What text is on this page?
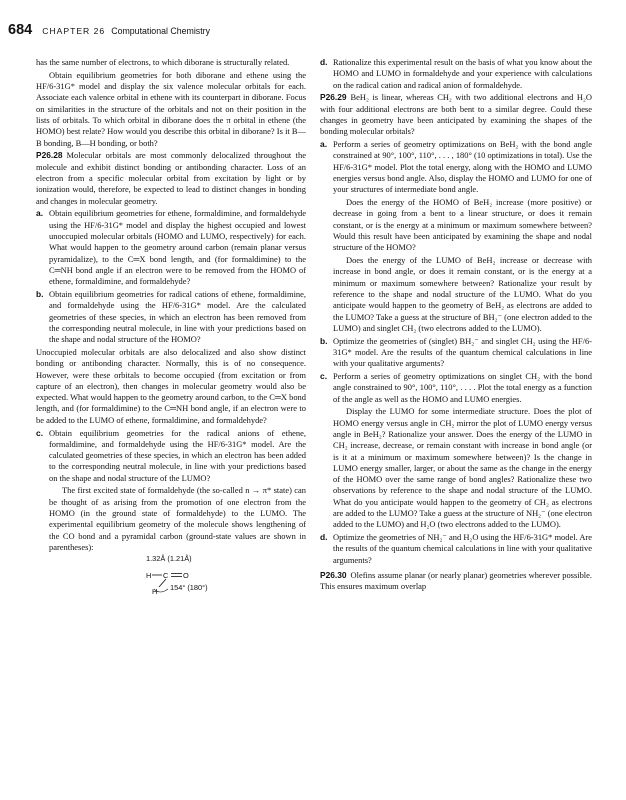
684 CHAPTER 26 Computational Chemistry

has the same number of electrons, to which diborane is structurally related.

Obtain equilibrium geometries for both diborane and ethene using the HF/6-31G* model and display the six valence molecular orbitals for each. Associate each valence orbital in ethene with its counterpart in diborane. Focus on similarities in the structure of the orbitals and not on their position in the lists of orbitals. To which orbital in diborane does the π orbital in ethene (the HOMO) best relate? How would you describe this orbital in diborane? Is it B—B bonding, B—H bonding, or both?

P26.28 Molecular orbitals are most commonly delocalized throughout the molecule and exhibit distinct bonding or antibonding character. Loss of an electron from a specific molecular orbital from excitation by light or by ionization would, therefore, be expected to lead to distinct changes in bonding and changes in molecular geometry.

a. Obtain equilibrium geometries for ethene, formaldimine, and formaldehyde using the HF/6-31G* model and display the highest occupied and lowest unoccupied molecular orbitals (HOMO and LUMO, respectively) for each. What would happen to the geometry around carbon (remain planar versus pyramidalize), to the C═X bond length, and (for formaldimine) to the C═NH bond angle if an electron were to be removed from the HOMO of ethene, formaldimine, and formaldehyde?

b. Obtain equilibrium geometries for radical cations of ethene, formaldimine, and formaldehyde using the HF/6-31G* model. Are the calculated geometries of these species, in which an electron has been removed from the corresponding neutral molecule, in line with your predictions based on the shape and nodal structure of the HOMO?

Unoccupied molecular orbitals are also delocalized and also show distinct bonding or antibonding character. Normally, this is of no consequence. However, were these orbitals to become occupied (from excitation or from capture of an electron), then changes in molecular geometry would also be expected. What would happen to the geometry around carbon, to the C═X bond length, and (for formaldimine) to the C═NH bond angle, if an electron were to be added to the LUMO of ethene, formaldimine, and formaldehyde?

c. Obtain equilibrium geometries for the radical anions of ethene, formaldimine, and formaldehyde using the HF/6-31G* model. Are the calculated geometries of these species, in which an electron has been added to the corresponding neutral molecule, in line with your predictions based on the shape and nodal structure of the LUMO?

The first excited state of formaldehyde (the so-called n → π* state) can be thought of as arising from the promotion of one electron from the HOMO (in the ground state of formaldehyde) to the LUMO. The experimental equilibrium geometry of the molecule shows lengthening of the CO bond and a pyramidal carbon (ground-state values are shown in parentheses):

1.32Å (1.21Å)
H C O
H 154° (180°)
d. Rationalize this experimental result on the basis of what you know about the HOMO and LUMO in formaldehyde and your experience with calculations on the radical cation and radical anion of formaldehyde.

P26.29 BeH₂ is linear, whereas CH₂ with two additional electrons and H₂O with four additional electrons are both bent to a similar degree. Could these changes in geometry have been anticipated by examining the shapes of the bonding molecular orbitals?

a. Perform a series of geometry optimizations on BeH₂ with the bond angle constrained at 90°, 100°, 110°, . . . , 180° (10 optimizations in total). Use the HF/6-31G* model. Plot the total energy, along with the HOMO and LUMO energies versus bond angle. Also, display the HOMO and LUMO for one of your structures of intermediate bond angle.

Does the energy of the HOMO of BeH₂ increase (more positive) or decrease in going from a bent to a linear structure, or does it remain constant, or is the energy at a minimum or maximum somewhere between? Would this result have been anticipated by examining the shape and nodal structure of the HOMO?

Does the energy of the LUMO of BeH₂ increase or decrease with increase in bond angle, or does it remain constant, or is the energy at a minimum or maximum somewhere between? Rationalize your result by reference to the shape and nodal structure of the LUMO. What do you anticipate would happen to the geometry of BeH₂ as electrons are added to the LUMO? Take a guess at the structure of BH₂⁻ (one electron added to the LUMO) and singlet CH₂ (two electrons added to the LUMO).

b. Optimize the geometries of (singlet) BH₂⁻ and singlet CH₂ using the HF/6-31G* model. Are the results of the quantum chemical calculations in line with your qualitative arguments?

c. Perform a series of geometry optimizations on singlet CH₂ with the bond angle constrained to 90°, 100°, 110°, . . . . Plot the total energy as a function of the angle as well as the HOMO and LUMO energies.

Display the LUMO for some intermediate structure. Does the plot of HOMO energy versus angle in CH₂ mirror the plot of LUMO energy versus angle in BeH₂? Rationalize your answer. Does the energy of the LUMO in CH₂ increase, decrease, or remain constant with increase in bond angle (or is it at a minimum or maximum somewhere between)? Is the change in LUMO energy smaller, larger, or about the same as the change in the energy of the HOMO over the same range of bond angles? Rationalize these two observations by reference to the shape and nodal structure of the LUMO. What do you anticipate would happen to the geometry of CH₂ as electrons are added to the LUMO? Take a guess at the structure of NH₂⁻ (one electron added to the LUMO) and H₂O (two electrons added to the LUMO).

d. Optimize the geometries of NH₂⁻ and H₂O using the HF/6-31G* model. Are the results of the quantum chemical calculations in line with your qualitative arguments?

P26.30 Olefins assume planar (or nearly planar) geometries wherever possible. This ensures maximum overlap
